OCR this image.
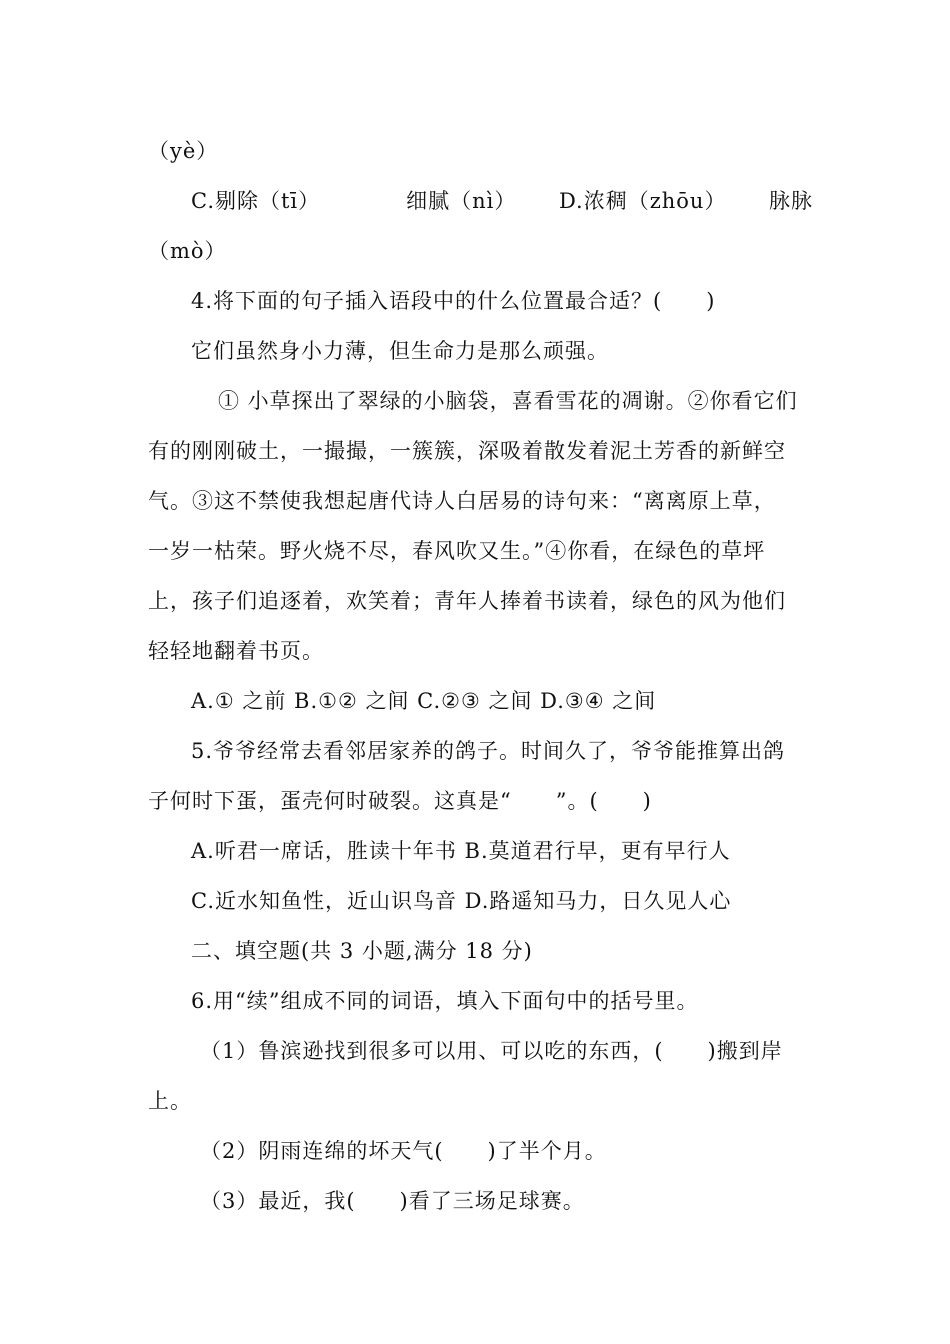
（yè）
C.剔除（tī）	细腻（nì） D.浓稠（zhōu） 脉脉
（mò）
4.将下面的句子插入语段中的什么位置最合适？(　　)
它们虽然身小力薄，但生命力是那么顽强。
① 小草探出了翠绿的小脑袋，喜看雪花的凋谢。②你看它们
有的刚刚破土，一撮撮，一簇簇，深吸着散发着泥土芳香的新鲜空
气。③这不禁使我想起唐代诗人白居易的诗句来：“离离原上草，
一岁一枯荣。野火烧不尽，春风吹又生。”④你看，在绿色的草坪
上，孩子们追逐着，欢笑着；青年人捧着书读着，绿色的风为他们
轻轻地翻着书页。
A.① 之前 B.①② 之间 C.②③ 之间 D.③④ 之间
5.爷爷经常去看邻居家养的鸽子。时间久了，爷爷能推算出鸽
子何时下蛋，蛋壳何时破裂。这真是“　　”。(　　)
A.听君一席话，胜读十年书 B.莫道君行早，更有早行人
C.近水知鱼性，近山识鸟音 D.路遥知马力，日久见人心
二、填空题(共 3 小题,满分 18 分)
6.用“续”组成不同的词语，填入下面句中的括号里。
（1）鲁滨逊找到很多可以用、可以吃的东西，(　　)搬到岸
上。
（2）阴雨连绵的坏天气(　　)了半个月。
（3）最近，我(　　)看了三场足球赛。
